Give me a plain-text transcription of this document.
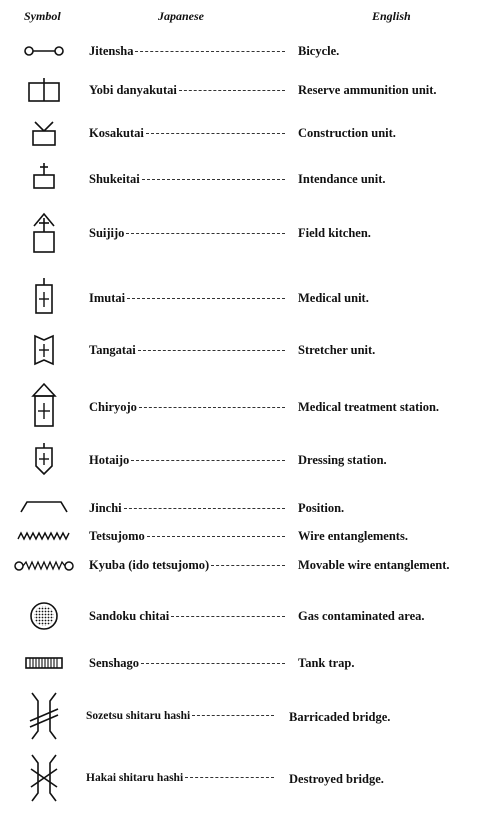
Symbol	Japanese	English
Jitensha	Bicycle.
Yobi danyakutai	Reserve ammunition unit.
Kosakutai	Construction unit.
Shukeitai	Intendance unit.
Suijijo	Field kitchen.
Imutai	Medical unit.
Tangatai	Stretcher unit.
Chiryojo	Medical treatment station.
Hotaijo	Dressing station.
Jinchi	Position.
Tetsujomo	Wire entanglements.
Kyuba (ido tetsujomo)	Movable wire entanglement.
Sandoku chitai	Gas contaminated area.
Senshago	Tank trap.
Sozetsu shitaru hashi	Barricaded bridge.
Hakai shitaru hashi	Destroyed bridge.
